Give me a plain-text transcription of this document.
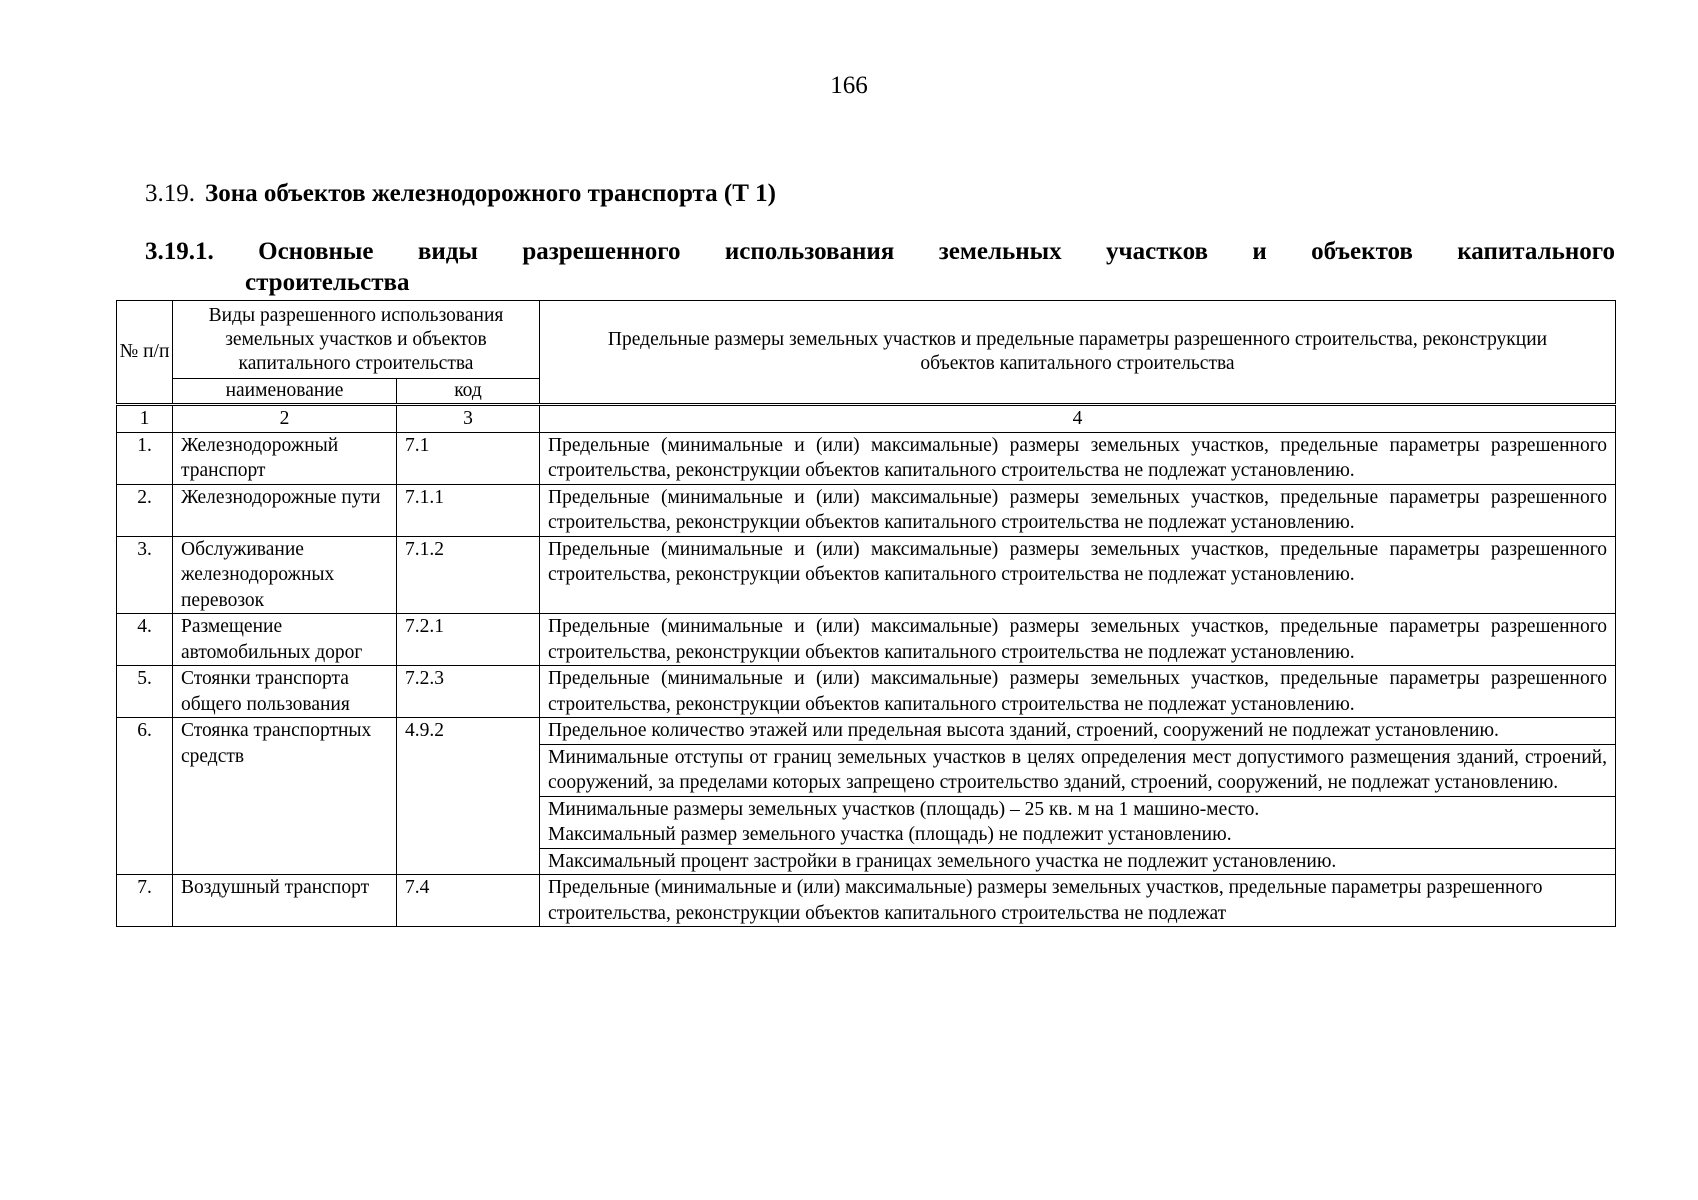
166
3.19. Зона объектов железнодорожного транспорта (Т 1)
3.19.1. Основные виды разрешенного использования земельных участков и объектов капитального
строительства
№ п/п	Виды разрешенного использования земельных участков и объектов капитального строительства		Предельные размеры земельных участков и предельные параметры разрешенного строительства, реконструкции объектов капитального строительства
	наименование	код	
1	2	3	4
1.	Железнодорожный транспорт	7.1	Предельные (минимальные и (или) максимальные) размеры земельных участков, предельные параметры разрешенного строительства, реконструкции объектов капитального строительства не подлежат установлению.
2.	Железнодорожные пути	7.1.1	Предельные (минимальные и (или) максимальные) размеры земельных участков, предельные параметры разрешенного строительства, реконструкции объектов капитального строительства не подлежат установлению.
3.	Обслуживание железнодорожных перевозок	7.1.2	Предельные (минимальные и (или) максимальные) размеры земельных участков, предельные параметры разрешенного строительства, реконструкции объектов капитального строительства не подлежат установлению.
4.	Размещение автомобильных дорог	7.2.1	Предельные (минимальные и (или) максимальные) размеры земельных участков, предельные параметры разрешенного строительства, реконструкции объектов капитального строительства не подлежат установлению.
5.	Стоянки транспорта общего пользования	7.2.3	Предельные (минимальные и (или) максимальные) размеры земельных участков, предельные параметры разрешенного строительства, реконструкции объектов капитального строительства не подлежат установлению.
6.	Стоянка транспортных средств	4.9.2	Предельное количество этажей или предельная высота зданий, строений, сооружений не подлежат установлению.
			Минимальные отступы от границ земельных участков в целях определения мест допустимого размещения зданий, строений, сооружений, за пределами которых запрещено строительство зданий, строений, сооружений, не подлежат установлению.

			Минимальные размеры земельных участков (площадь) – 25 кв. м на 1 машино-место.
Максимальный размер земельного участка (площадь) не подлежит установлению.

			Максимальный процент застройки в границах земельного участка не подлежит установлению.
7.	Воздушный транспорт	7.4	Предельные (минимальные и (или) максимальные) размеры земельных участков, предельные параметры разрешенного строительства, реконструкции объектов капитального строительства не подлежат
